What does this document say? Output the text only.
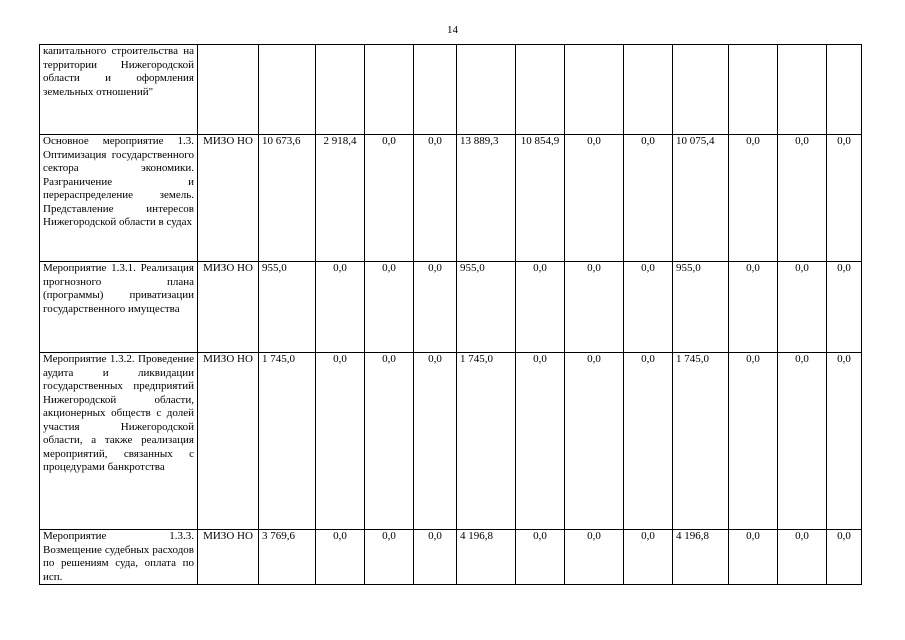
14
капитального строительства на территории Нижегородской области и оформления земельных отношений"													
Основное мероприятие 1.3. Оптимизация государственного сектора экономики. Разграничение и перераспределение земель. Представление интересов Нижегородской области в судах	МИЗО НО	10 673,6	2 918,4	0,0	0,0	13 889,3	10 854,9	0,0	0,0	10 075,4	0,0	0,0	0,0
Мероприятие 1.3.1. Реализация прогнозного плана (программы) приватизации государственного имущества	МИЗО НО	955,0	0,0	0,0	0,0	955,0	0,0	0,0	0,0	955,0	0,0	0,0	0,0
Мероприятие 1.3.2. Проведение аудита и ликвидации государственных предприятий Нижегородской области, акционерных обществ с долей участия Нижегородской области, а также реализация мероприятий, связанных с процедурами банкротства	МИЗО НО	1 745,0	0,0	0,0	0,0	1 745,0	0,0	0,0	0,0	1 745,0	0,0	0,0	0,0
Мероприятие 1.3.3. Возмещение судебных расходов по решениям суда, оплата по исп.	МИЗО НО	3 769,6	0,0	0,0	0,0	4 196,8	0,0	0,0	0,0	4 196,8	0,0	0,0	0,0
